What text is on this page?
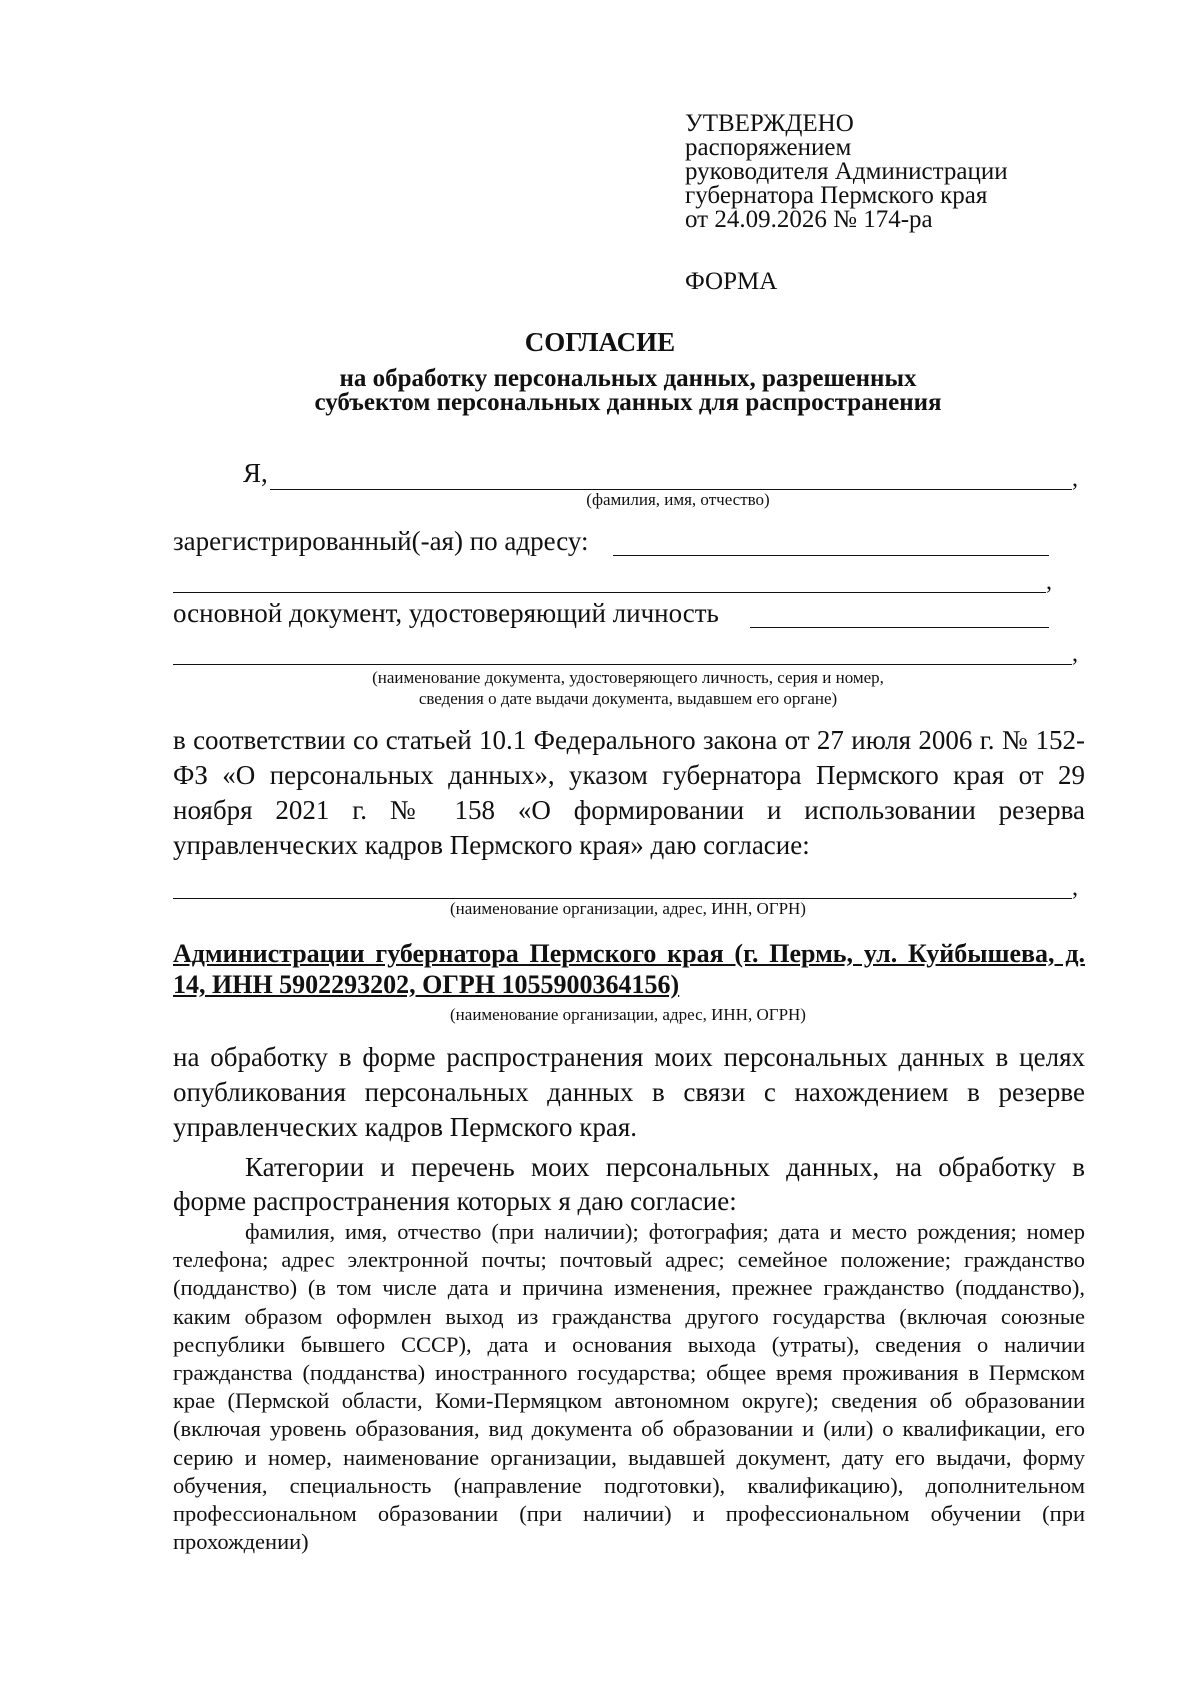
УТВЕРЖДЕНО
распоряжением
руководителя Администрации
губернатора Пермского края
от 24.09.2026 № 174-ра
ФОРМА
СОГЛАСИЕ
на обработку персональных данных, разрешенных
субъектом персональных данных для распространения
Я,	,
(фамилия, имя, отчество)
зарегистрированный(-ая) по адресу:
,
основной документ, удостоверяющий личность
,
(наименование документа, удостоверяющего личность, серия и номер,
сведения о дате выдачи документа, выдавшем его органе)
в соответствии со статьей 10.1 Федерального закона от 27 июля 2006 г. № 152-ФЗ «О персональных данных», указом губернатора Пермского края от 29 ноября 2021 г. № 158 «О формировании и использовании резерва управленческих кадров Пермского края» даю согласие:
,
(наименование организации, адрес, ИНН, ОГРН)
Администрации губернатора Пермского края (г. Пермь, ул. Куйбышева, д. 14, ИНН 5902293202, ОГРН 1055900364156)
(наименование организации, адрес, ИНН, ОГРН)
на обработку в форме распространения моих персональных данных в целях опубликования персональных данных в связи с нахождением в резерве управленческих кадров Пермского края.
Категории и перечень моих персональных данных, на обработку в форме распространения которых я даю согласие:
фамилия, имя, отчество (при наличии); фотография; дата и место рождения; номер телефона; адрес электронной почты; почтовый адрес; семейное положение; гражданство (подданство) (в том числе дата и причина изменения, прежнее гражданство (подданство), каким образом оформлен выход из гражданства другого государства (включая союзные республики бывшего СССР), дата и основания выхода (утраты), сведения о наличии гражданства (подданства) иностранного государства; общее время проживания в Пермском крае (Пермской области, Коми-Пермяцком автономном округе); сведения об образовании (включая уровень образования, вид документа об образовании и (или) о квалификации, его серию и номер, наименование организации, выдавшей документ, дату его выдачи, форму обучения, специальность (направление подготовки), квалификацию), дополнительном профессиональном образовании (при наличии) и профессиональном обучении (при прохождении)
